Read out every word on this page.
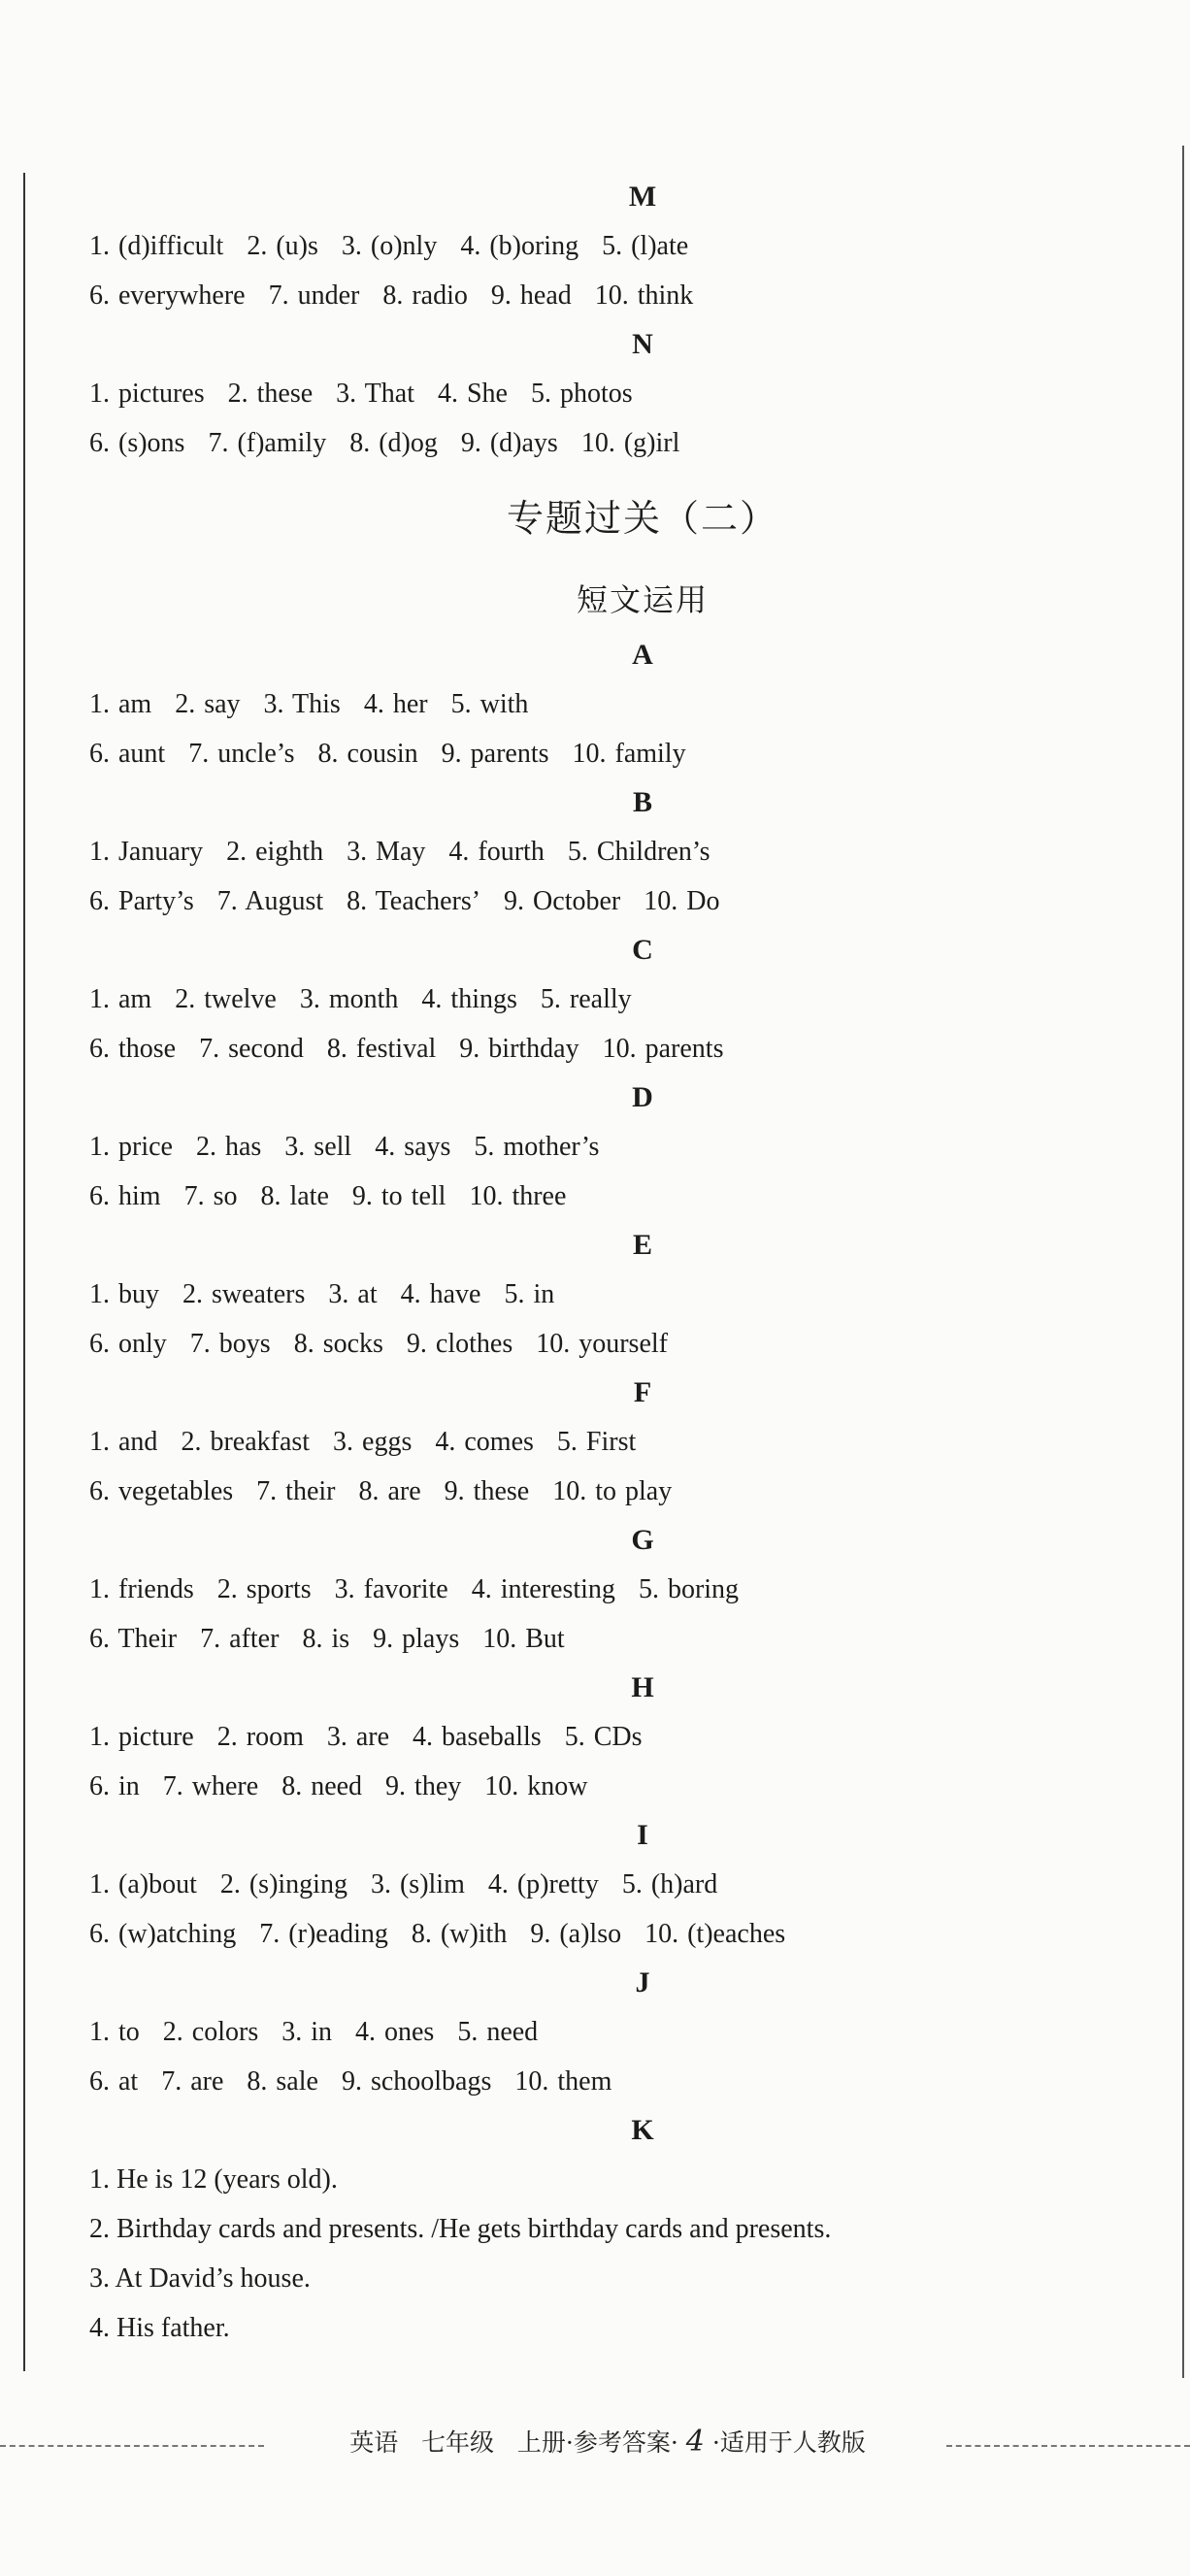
M
1. (d)ifficult 2. (u)s 3. (o)nly 4. (b)oring 5. (l)ate
6. everywhere 7. under 8. radio 9. head 10. think
N
1. pictures 2. these 3. That 4. She 5. photos
6. (s)ons 7. (f)amily 8. (d)og 9. (d)ays 10. (g)irl
专题过关（二）
短文运用
A
1. am 2. say 3. This 4. her 5. with
6. aunt 7. uncle’s 8. cousin 9. parents 10. family
B
1. January 2. eighth 3. May 4. fourth 5. Children’s
6. Party’s 7. August 8. Teachers’ 9. October 10. Do
C
1. am 2. twelve 3. month 4. things 5. really
6. those 7. second 8. festival 9. birthday 10. parents
D
1. price 2. has 3. sell 4. says 5. mother’s
6. him 7. so 8. late 9. to tell 10. three
E
1. buy 2. sweaters 3. at 4. have 5. in
6. only 7. boys 8. socks 9. clothes 10. yourself
F
1. and 2. breakfast 3. eggs 4. comes 5. First
6. vegetables 7. their 8. are 9. these 10. to play
G
1. friends 2. sports 3. favorite 4. interesting 5. boring
6. Their 7. after 8. is 9. plays 10. But
H
1. picture 2. room 3. are 4. baseballs 5. CDs
6. in 7. where 8. need 9. they 10. know
I
1. (a)bout 2. (s)inging 3. (s)lim 4. (p)retty 5. (h)ard
6. (w)atching 7. (r)eading 8. (w)ith 9. (a)lso 10. (t)eaches
J
1. to 2. colors 3. in 4. ones 5. need
6. at 7. are 8. sale 9. schoolbags 10. them
K
1. He is 12 (years old).
2. Birthday cards and presents. /He gets birthday cards and presents.
3. At David’s house.
4. His father.
英语 七年级 上册·参考答案· 4 ·适用于人教版
